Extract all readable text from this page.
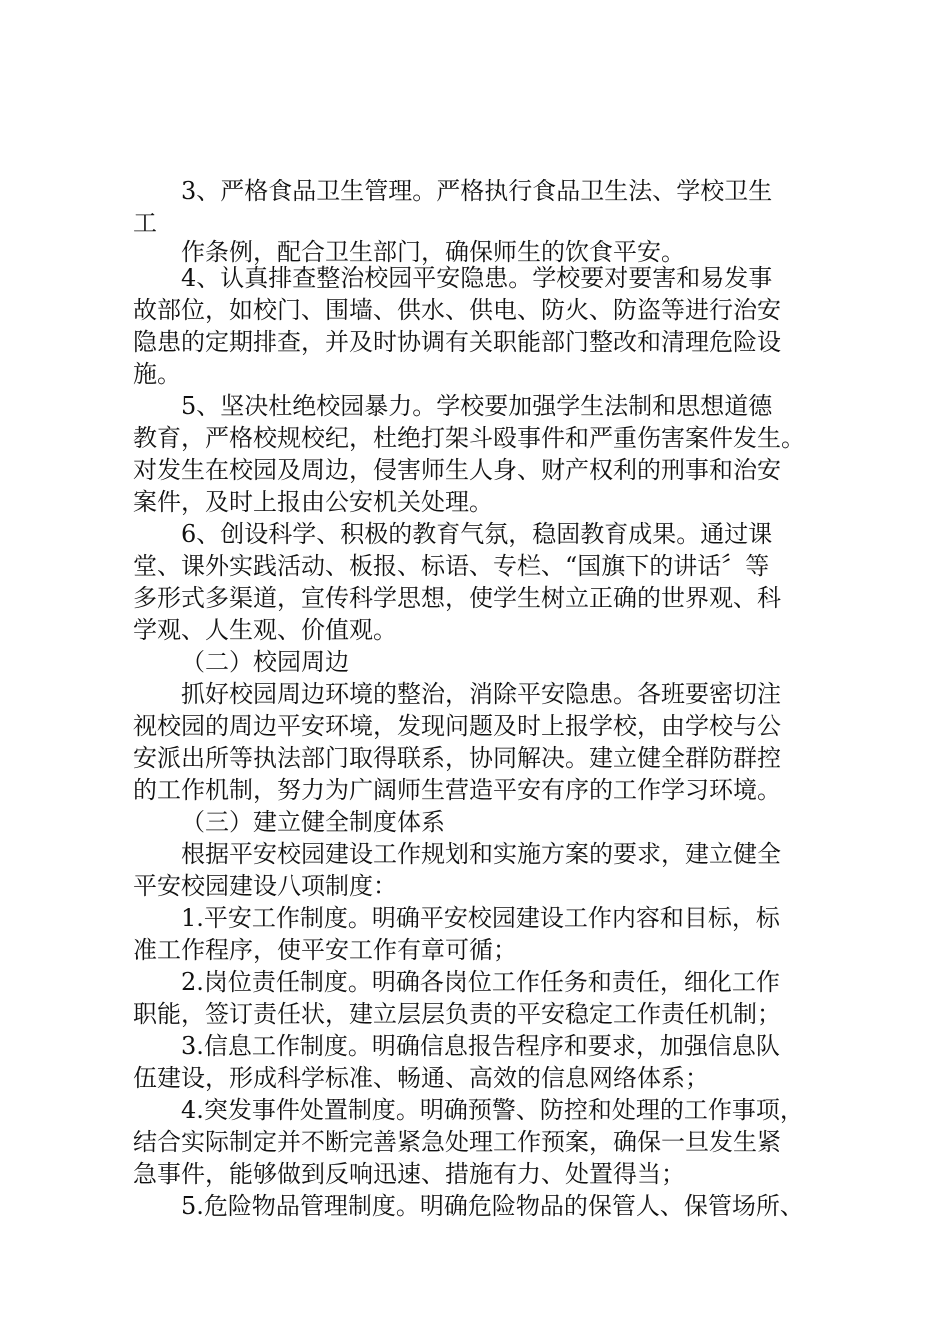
3、严格食品卫生管理。严格执行食品卫生法、学校卫生

工

作条例，配合卫生部门，确保师生的饮食平安。

4、认真排查整治校园平安隐患。学校要对要害和易发事

故部位，如校门、围墙、供水、供电、防火、防盗等进行治安

隐患的定期排查，并及时协调有关职能部门整改和清理危险设

施。

5、坚决杜绝校园暴力。学校要加强学生法制和思想道德

教育，严格校规校纪，杜绝打架斗殴事件和严重伤害案件发生。

对发生在校园及周边，侵害师生人身、财产权利的刑事和治安

案件，及时上报由公安机关处理。

6、创设科学、积极的教育气氛，稳固教育成果。通过课

堂、课外实践活动、板报、标语、专栏、“国旗下的讲话〞等

多形式多渠道，宣传科学思想，使学生树立正确的世界观、科

学观、人生观、价值观。

（二）校园周边

抓好校园周边环境的整治，消除平安隐患。各班要密切注

视校园的周边平安环境，发现问题及时上报学校，由学校与公

安派出所等执法部门取得联系，协同解决。建立健全群防群控

的工作机制，努力为广阔师生营造平安有序的工作学习环境。

（三）建立健全制度体系

根据平安校园建设工作规划和实施方案的要求，建立健全

平安校园建设八项制度：

1.平安工作制度。明确平安校园建设工作内容和目标，标

准工作程序，使平安工作有章可循；

2.岗位责任制度。明确各岗位工作任务和责任，细化工作

职能，签订责任状，建立层层负责的平安稳定工作责任机制；

3.信息工作制度。明确信息报告程序和要求，加强信息队

伍建设，形成科学标准、畅通、高效的信息网络体系；

4.突发事件处置制度。明确预警、防控和处理的工作事项，

结合实际制定并不断完善紧急处理工作预案，确保一旦发生紧

急事件，能够做到反响迅速、措施有力、处置得当；

5.危险物品管理制度。明确危险物品的保管人、保管场所、
